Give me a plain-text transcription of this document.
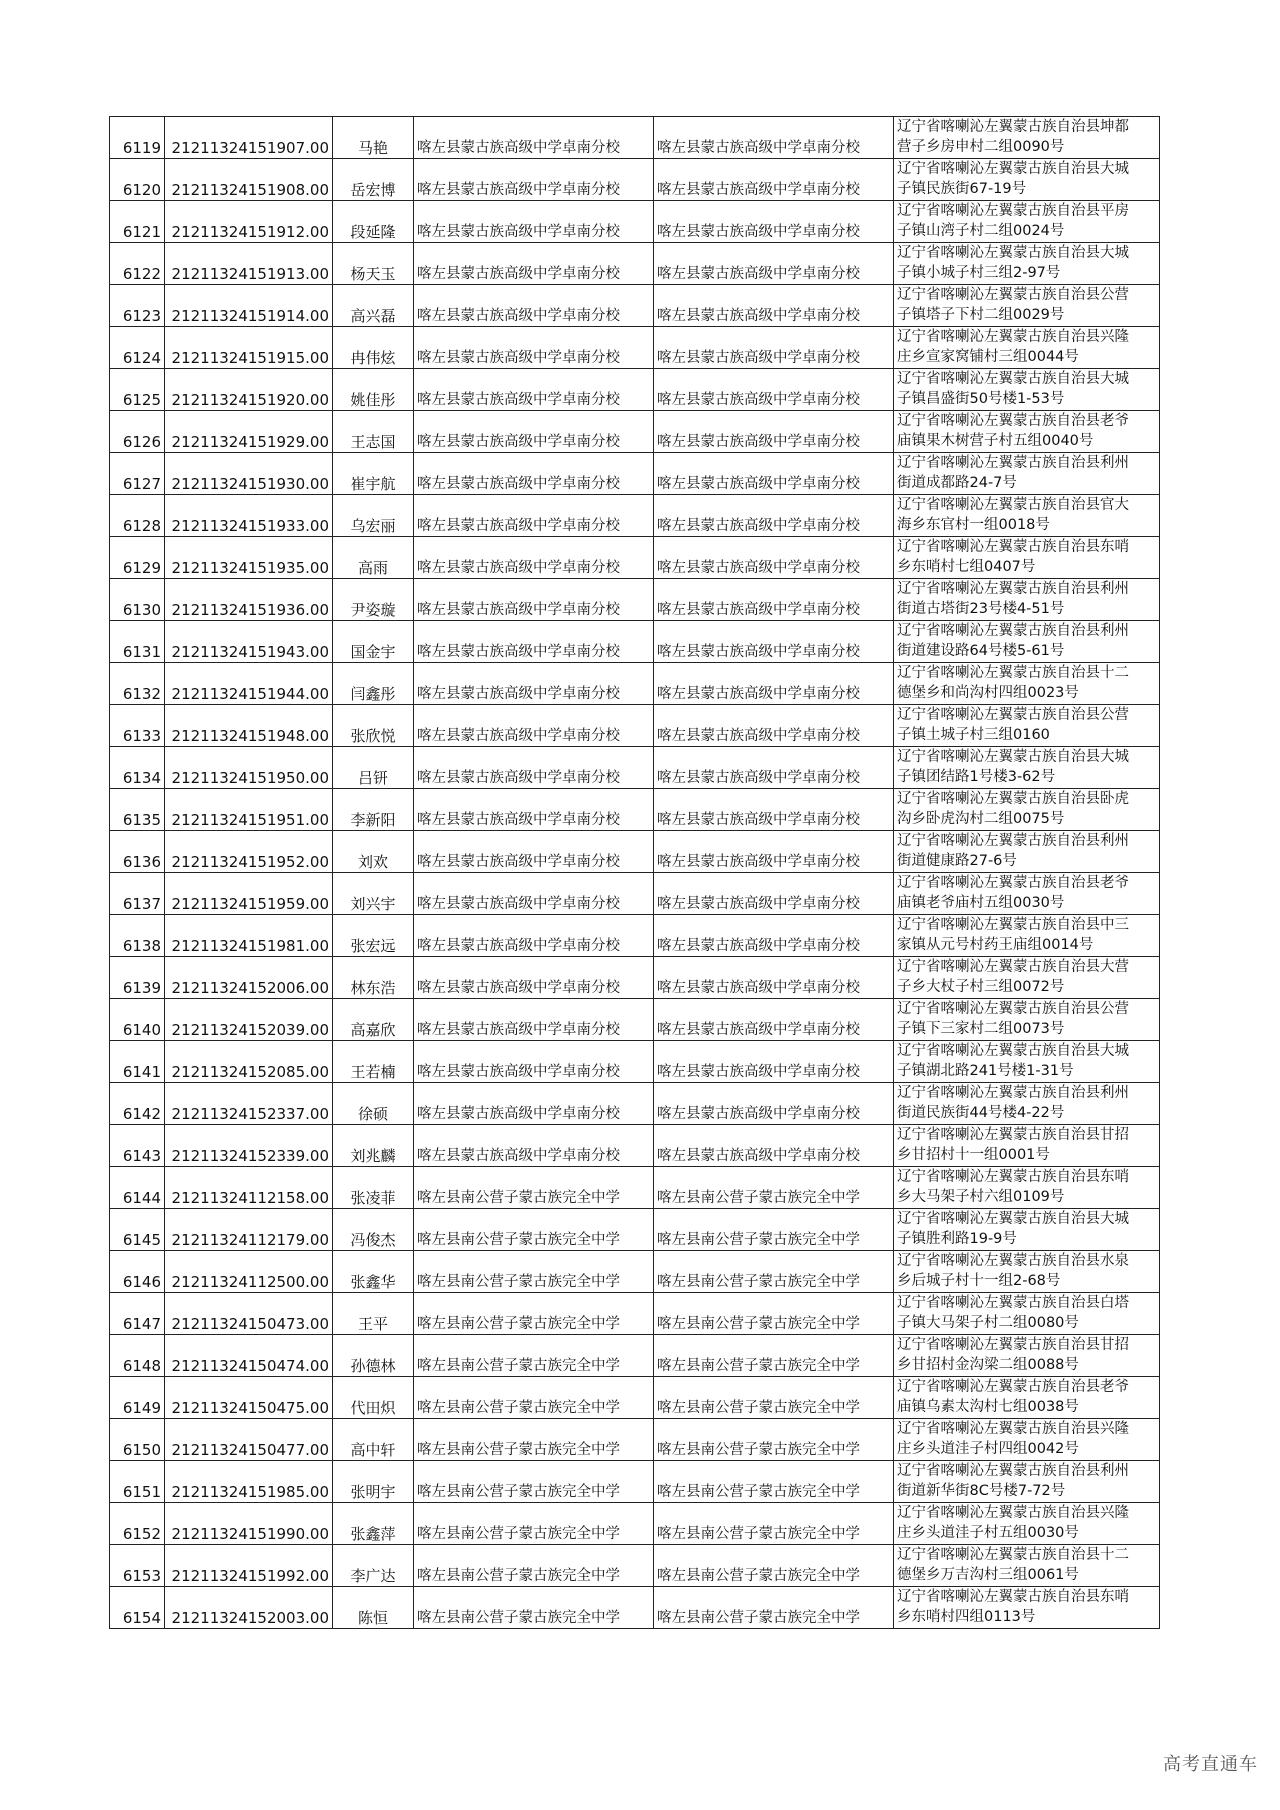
6119	21211324151907.00	马艳	喀左县蒙古族高级中学卓南分校	喀左县蒙古族高级中学卓南分校	辽宁省喀喇沁左翼蒙古族自治县坤都
营子乡房申村二组0090号

6120	21211324151908.00	岳宏博	喀左县蒙古族高级中学卓南分校	喀左县蒙古族高级中学卓南分校	辽宁省喀喇沁左翼蒙古族自治县大城
子镇民族街67-19号

6121	21211324151912.00	段延隆	喀左县蒙古族高级中学卓南分校	喀左县蒙古族高级中学卓南分校	辽宁省喀喇沁左翼蒙古族自治县平房
子镇山湾子村二组0024号

6122	21211324151913.00	杨天玉	喀左县蒙古族高级中学卓南分校	喀左县蒙古族高级中学卓南分校	辽宁省喀喇沁左翼蒙古族自治县大城
子镇小城子村三组2-97号

6123	21211324151914.00	高兴磊	喀左县蒙古族高级中学卓南分校	喀左县蒙古族高级中学卓南分校	辽宁省喀喇沁左翼蒙古族自治县公营
子镇塔子下村二组0029号

6124	21211324151915.00	冉伟炫	喀左县蒙古族高级中学卓南分校	喀左县蒙古族高级中学卓南分校	辽宁省喀喇沁左翼蒙古族自治县兴隆
庄乡宣家窝铺村三组0044号

6125	21211324151920.00	姚佳彤	喀左县蒙古族高级中学卓南分校	喀左县蒙古族高级中学卓南分校	辽宁省喀喇沁左翼蒙古族自治县大城
子镇昌盛街50号楼1-53号

6126	21211324151929.00	王志国	喀左县蒙古族高级中学卓南分校	喀左县蒙古族高级中学卓南分校	辽宁省喀喇沁左翼蒙古族自治县老爷
庙镇果木树营子村五组0040号

6127	21211324151930.00	崔宇航	喀左县蒙古族高级中学卓南分校	喀左县蒙古族高级中学卓南分校	辽宁省喀喇沁左翼蒙古族自治县利州
街道成都路24-7号

6128	21211324151933.00	乌宏丽	喀左县蒙古族高级中学卓南分校	喀左县蒙古族高级中学卓南分校	辽宁省喀喇沁左翼蒙古族自治县官大
海乡东官村一组0018号

6129	21211324151935.00	高雨	喀左县蒙古族高级中学卓南分校	喀左县蒙古族高级中学卓南分校	辽宁省喀喇沁左翼蒙古族自治县东哨
乡东哨村七组0407号

6130	21211324151936.00	尹姿璇	喀左县蒙古族高级中学卓南分校	喀左县蒙古族高级中学卓南分校	辽宁省喀喇沁左翼蒙古族自治县利州
街道古塔街23号楼4-51号

6131	21211324151943.00	国金宇	喀左县蒙古族高级中学卓南分校	喀左县蒙古族高级中学卓南分校	辽宁省喀喇沁左翼蒙古族自治县利州
街道建设路64号楼5-61号

6132	21211324151944.00	闫鑫彤	喀左县蒙古族高级中学卓南分校	喀左县蒙古族高级中学卓南分校	辽宁省喀喇沁左翼蒙古族自治县十二
德堡乡和尚沟村四组0023号

6133	21211324151948.00	张欣悦	喀左县蒙古族高级中学卓南分校	喀左县蒙古族高级中学卓南分校	辽宁省喀喇沁左翼蒙古族自治县公营
子镇土城子村三组0160

6134	21211324151950.00	吕钘	喀左县蒙古族高级中学卓南分校	喀左县蒙古族高级中学卓南分校	辽宁省喀喇沁左翼蒙古族自治县大城
子镇团结路1号楼3-62号

6135	21211324151951.00	李新阳	喀左县蒙古族高级中学卓南分校	喀左县蒙古族高级中学卓南分校	辽宁省喀喇沁左翼蒙古族自治县卧虎
沟乡卧虎沟村二组0075号

6136	21211324151952.00	刘欢	喀左县蒙古族高级中学卓南分校	喀左县蒙古族高级中学卓南分校	辽宁省喀喇沁左翼蒙古族自治县利州
街道健康路27-6号

6137	21211324151959.00	刘兴宇	喀左县蒙古族高级中学卓南分校	喀左县蒙古族高级中学卓南分校	辽宁省喀喇沁左翼蒙古族自治县老爷
庙镇老爷庙村五组0030号

6138	21211324151981.00	张宏远	喀左县蒙古族高级中学卓南分校	喀左县蒙古族高级中学卓南分校	辽宁省喀喇沁左翼蒙古族自治县中三
家镇从元号村药王庙组0014号

6139	21211324152006.00	林东浩	喀左县蒙古族高级中学卓南分校	喀左县蒙古族高级中学卓南分校	辽宁省喀喇沁左翼蒙古族自治县大营
子乡大杖子村三组0072号

6140	21211324152039.00	高嘉欣	喀左县蒙古族高级中学卓南分校	喀左县蒙古族高级中学卓南分校	辽宁省喀喇沁左翼蒙古族自治县公营
子镇下三家村二组0073号

6141	21211324152085.00	王若楠	喀左县蒙古族高级中学卓南分校	喀左县蒙古族高级中学卓南分校	辽宁省喀喇沁左翼蒙古族自治县大城
子镇湖北路241号楼1-31号

6142	21211324152337.00	徐硕	喀左县蒙古族高级中学卓南分校	喀左县蒙古族高级中学卓南分校	辽宁省喀喇沁左翼蒙古族自治县利州
街道民族街44号楼4-22号

6143	21211324152339.00	刘兆麟	喀左县蒙古族高级中学卓南分校	喀左县蒙古族高级中学卓南分校	辽宁省喀喇沁左翼蒙古族自治县甘招
乡甘招村十一组0001号

6144	21211324112158.00	张凌菲	喀左县南公营子蒙古族完全中学	喀左县南公营子蒙古族完全中学	辽宁省喀喇沁左翼蒙古族自治县东哨
乡大马架子村六组0109号

6145	21211324112179.00	冯俊杰	喀左县南公营子蒙古族完全中学	喀左县南公营子蒙古族完全中学	辽宁省喀喇沁左翼蒙古族自治县大城
子镇胜利路19-9号

6146	21211324112500.00	张鑫华	喀左县南公营子蒙古族完全中学	喀左县南公营子蒙古族完全中学	辽宁省喀喇沁左翼蒙古族自治县水泉
乡后城子村十一组2-68号

6147	21211324150473.00	王平	喀左县南公营子蒙古族完全中学	喀左县南公营子蒙古族完全中学	辽宁省喀喇沁左翼蒙古族自治县白塔
子镇大马架子村二组0080号

6148	21211324150474.00	孙德林	喀左县南公营子蒙古族完全中学	喀左县南公营子蒙古族完全中学	辽宁省喀喇沁左翼蒙古族自治县甘招
乡甘招村金沟梁二组0088号

6149	21211324150475.00	代田炽	喀左县南公营子蒙古族完全中学	喀左县南公营子蒙古族完全中学	辽宁省喀喇沁左翼蒙古族自治县老爷
庙镇乌素太沟村七组0038号

6150	21211324150477.00	高中轩	喀左县南公营子蒙古族完全中学	喀左县南公营子蒙古族完全中学	辽宁省喀喇沁左翼蒙古族自治县兴隆
庄乡头道洼子村四组0042号

6151	21211324151985.00	张明宇	喀左县南公营子蒙古族完全中学	喀左县南公营子蒙古族完全中学	辽宁省喀喇沁左翼蒙古族自治县利州
街道新华街8C号楼7-72号

6152	21211324151990.00	张鑫萍	喀左县南公营子蒙古族完全中学	喀左县南公营子蒙古族完全中学	辽宁省喀喇沁左翼蒙古族自治县兴隆
庄乡头道洼子村五组0030号

6153	21211324151992.00	李广达	喀左县南公营子蒙古族完全中学	喀左县南公营子蒙古族完全中学	辽宁省喀喇沁左翼蒙古族自治县十二
德堡乡万吉沟村三组0061号

6154	21211324152003.00	陈恒	喀左县南公营子蒙古族完全中学	喀左县南公营子蒙古族完全中学	辽宁省喀喇沁左翼蒙古族自治县东哨
乡东哨村四组0113号
高考直通车
